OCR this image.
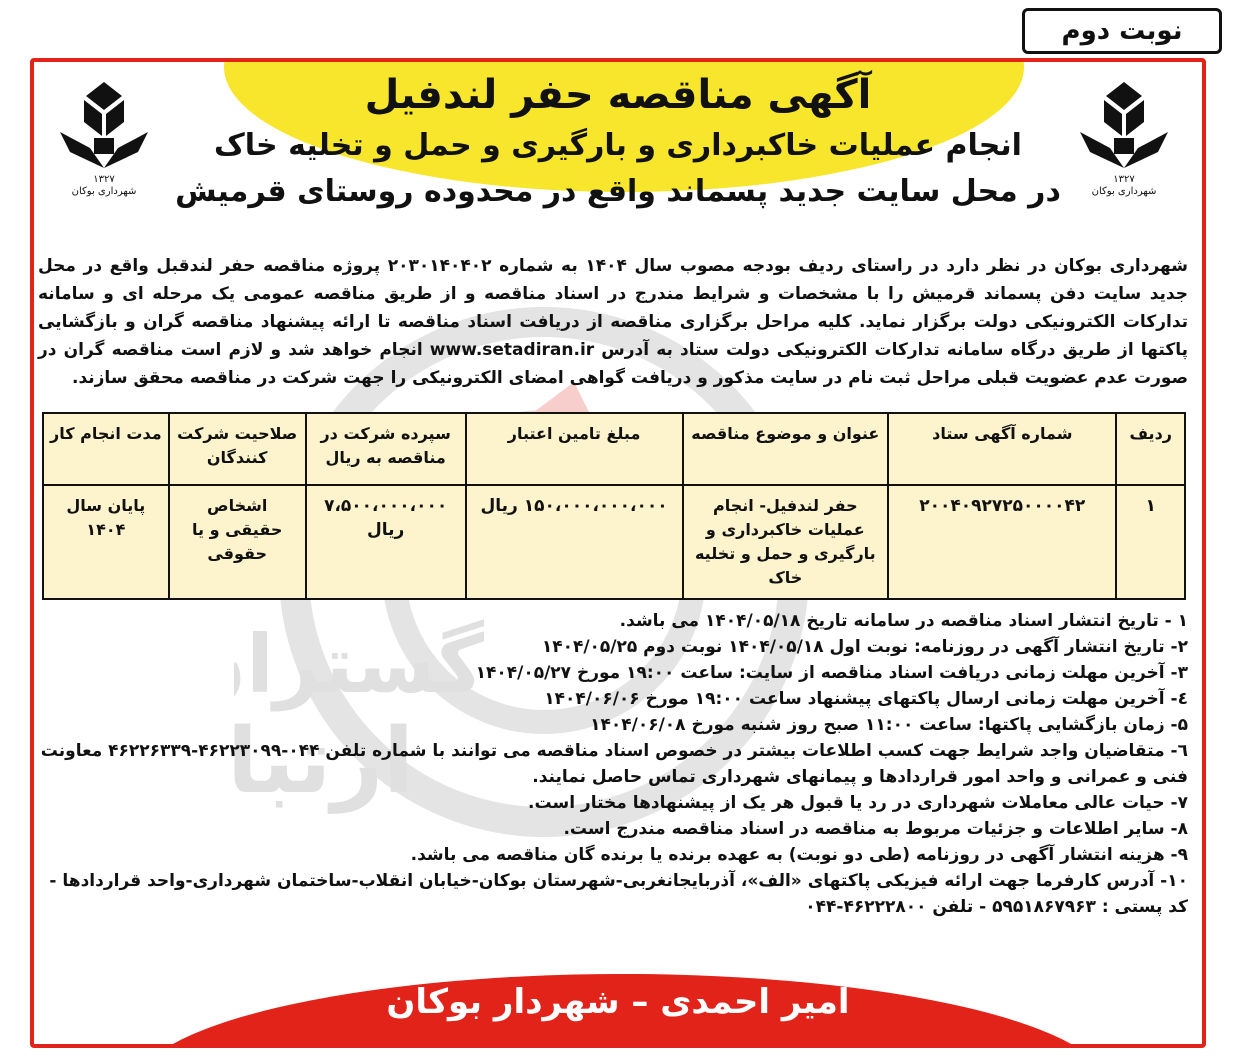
نوبت دوم
ارتب
گسترا
۱۳۲۷
شهرداری بوکان
۱۳۲۷
شهرداری بوکان
آگهی مناقصه حفر لندفیل
انجام عملیات خاکبرداری و بارگیری و حمل و تخلیه خاک
در محل سایت جدید پسماند واقع در محدوده روستای قرمیش
شهرداری بوکان در نظر دارد در راستای ردیف بودجه مصوب سال ۱۴۰۴ به شماره ۲۰۳۰۱۴۰۴۰۲ پروژه مناقصه حفر لندقبل واقع در محل جدید سایت دفن پسماند قرمیش را با مشخصات و شرایط مندرج در اسناد مناقصه و از طریق مناقصه عمومی یک مرحله ای و سامانه تدارکات الکترونیکی دولت برگزار نماید. کلیه مراحل برگزاری مناقصه از دریافت اسناد مناقصه تا ارائه پیشنهاد مناقصه گران و بازگشایی پاکتها از طریق درگاه سامانه تدارکات الکترونیکی دولت ستاد به آدرس www.setadiran.ir انجام خواهد شد و لازم است مناقصه گران در صورت عدم عضویت قبلی مراحل ثبت نام در سایت مذکور و دریافت گواهی امضای الکترونیکی را جهت شرکت در مناقصه محقق سازند.
ردیف	شماره آگهی ستاد	عنوان و موضوع مناقصه	مبلغ تامین اعتبار	سپرده شرکت در مناقصه به ریال	صلاحیت شرکت کنندگان	مدت انجام کار
۱	۲۰۰۴۰۹۲۷۲۵۰۰۰۰۴۲	حفر لندفیل- انجام عملیات خاکبرداری و بارگیری و حمل و تخلیه خاک	۱۵۰،۰۰۰،۰۰۰،۰۰۰ ریال	۷،۵۰۰،۰۰۰،۰۰۰ ریال	اشخاص حقیقی و یا حقوقی	پایان سال ۱۴۰۴
۱ - تاریخ انتشار اسناد مناقصه در سامانه تاریخ ۱۴۰۴/۰۵/۱۸ می باشد.
۲- تاریخ انتشار آگهی در روزنامه: نوبت اول ۱۴۰۴/۰۵/۱۸ نوبت دوم ۱۴۰۴/۰۵/۲۵
۳- آخرین مهلت زمانی دریافت اسناد مناقصه از سایت: ساعت ۱۹:۰۰ مورخ ۱۴۰۴/۰۵/۲۷
٤- آخرین مهلت زمانی ارسال پاکتهای پیشنهاد ساعت ۱۹:۰۰ مورخ ۱۴۰۴/۰۶/۰۶
۵- زمان بازگشایی پاکتها: ساعت ۱۱:۰۰ صبح روز شنبه مورخ ۱۴۰۴/۰۶/۰۸
٦- متقاضیان واجد شرایط جهت کسب اطلاعات بیشتر در خصوص اسناد مناقصه می توانند با شماره تلفن ۰۴۴-۴۶۲۲۳۰۹۹-۴۶۲۲۶۳۳۹ معاونت فنی و عمرانی و واحد امور قراردادها و پیمانهای شهرداری تماس حاصل نمایند.
۷- حیات عالی معاملات شهرداری در رد یا قبول هر یک از پیشنهادها مختار است.
۸- سایر اطلاعات و جزئیات مربوط به مناقصه در اسناد مناقصه مندرج است.
۹- هزینه انتشار آگهی در روزنامه (طی دو نوبت) به عهده برنده یا برنده گان مناقصه می باشد.
۱۰- آدرس کارفرما جهت ارائه فیزیکی پاکتهای «الف»، آذربایجانغربی-شهرستان بوکان-خیابان انقلاب-ساختمان شهرداری-واحد قراردادها - کد پستی : ۵۹۵۱۸۶۷۹۶۳ - تلفن ۴۶۲۲۲۸۰۰-۰۴۴
امیر احمدی – شهردار بوکان
